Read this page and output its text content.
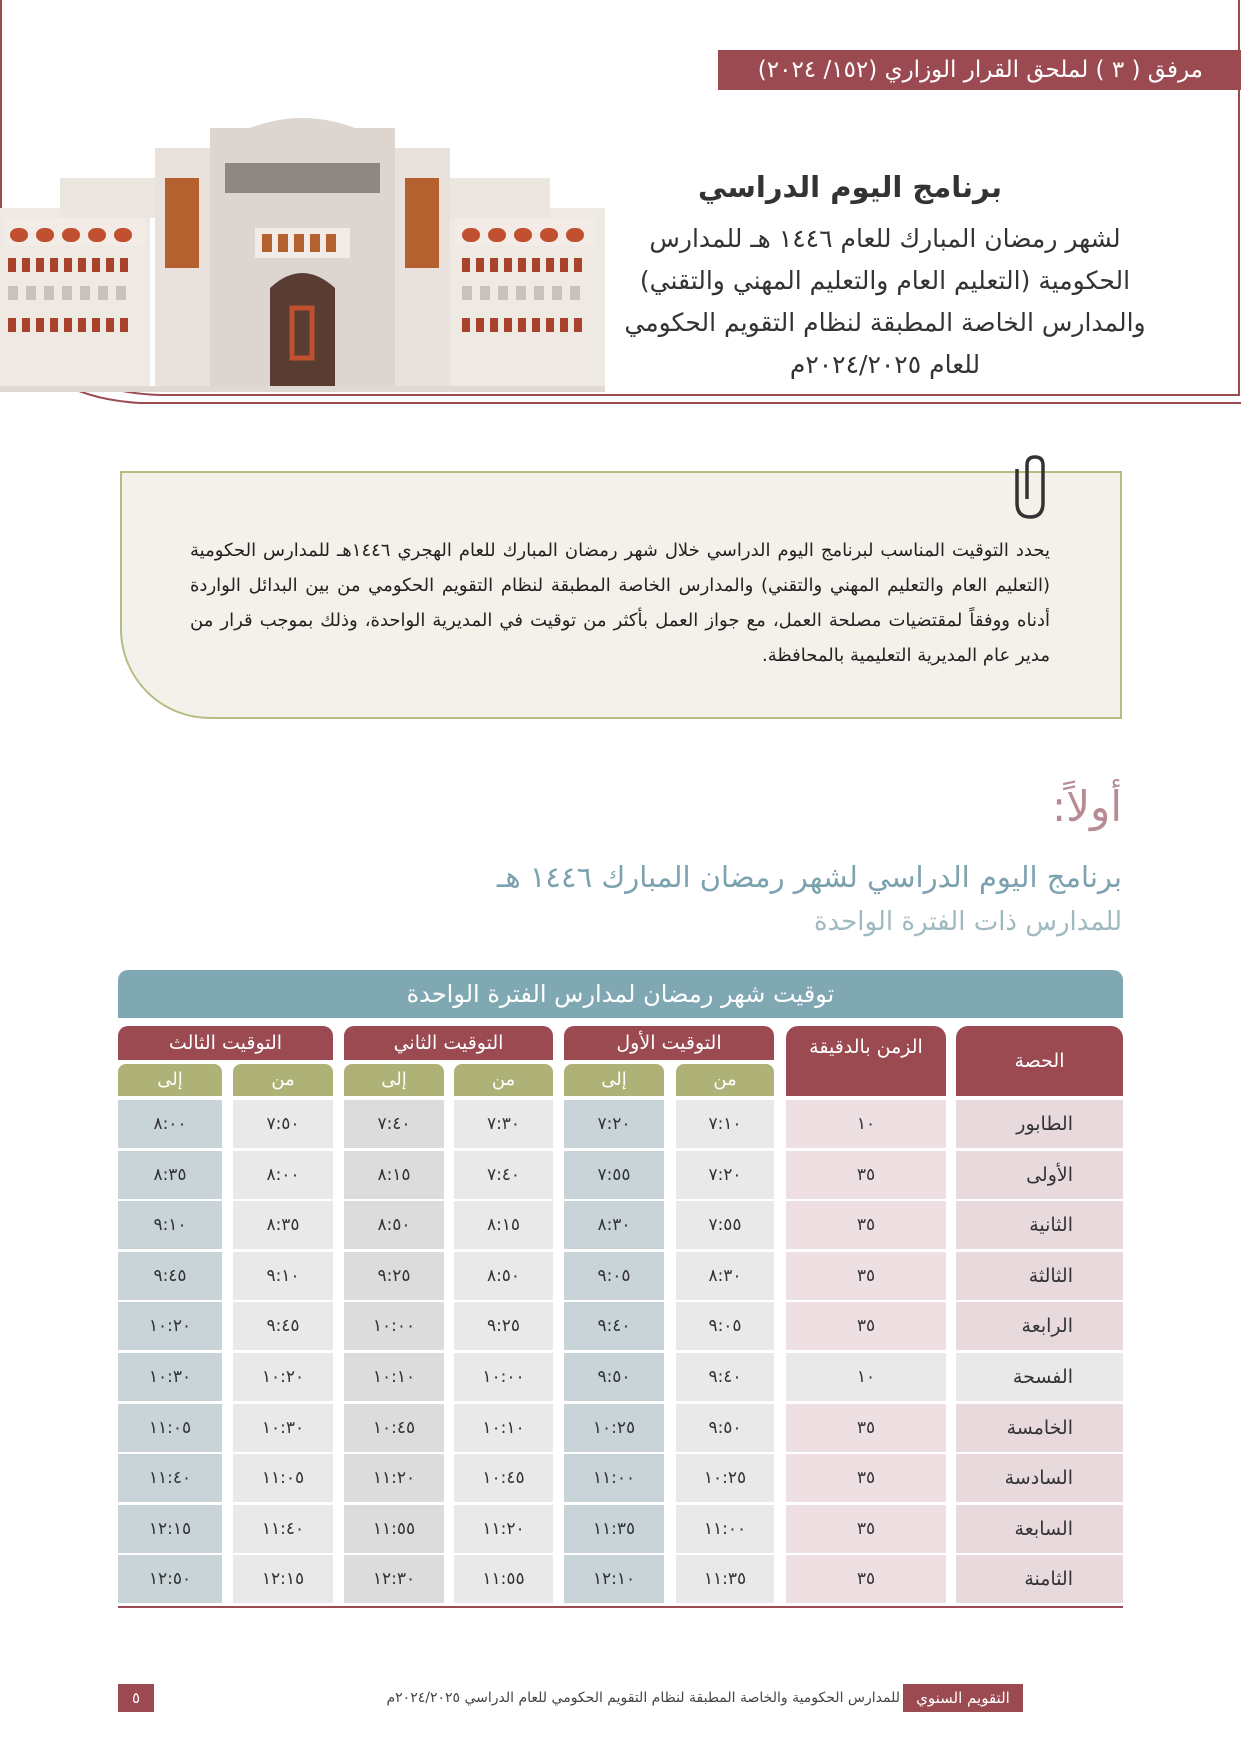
مرفق ( ٣ ) لملحق القرار الوزاري (١٥٢/ ٢٠٢٤)
برنامج اليوم الدراسي
لشهر رمضان المبارك للعام ١٤٤٦ هـ للمدارس الحكومية (التعليم العام والتعليم المهني والتقني) والمدارس الخاصة المطبقة لنظام التقويم الحكومي للعام ٢٠٢٤/٢٠٢٥م
يحدد التوقيت المناسب لبرنامج اليوم الدراسي خلال شهر رمضان المبارك للعام الهجري ١٤٤٦هـ للمدارس الحكومية (التعليم العام والتعليم المهني والتقني) والمدارس الخاصة المطبقة لنظام التقويم الحكومي من بين البدائل الواردة أدناه ووفقاً لمقتضيات مصلحة العمل، مع جواز العمل بأكثر من توقيت في المديرية الواحدة، وذلك بموجب قرار من مدير عام المديرية التعليمية بالمحافظة.
أولاً:
برنامج اليوم الدراسي لشهر رمضان المبارك ١٤٤٦ هـ
للمدارس ذات الفترة الواحدة
توقيت شهر رمضان لمدارس الفترة الواحدة
الحصة
الزمن بالدقيقة
التوقيت الأول
التوقيت الثاني
التوقيت الثالث
من
إلى
من
إلى
من
إلى
الطابور
١٠
٧:١٠
٧:٢٠
٧:٣٠
٧:٤٠
٧:٥٠
٨:٠٠
الأولى
٣٥
٧:٢٠
٧:٥٥
٧:٤٠
٨:١٥
٨:٠٠
٨:٣٥
الثانية
٣٥
٧:٥٥
٨:٣٠
٨:١٥
٨:٥٠
٨:٣٥
٩:١٠
الثالثة
٣٥
٨:٣٠
٩:٠٥
٨:٥٠
٩:٢٥
٩:١٠
٩:٤٥
الرابعة
٣٥
٩:٠٥
٩:٤٠
٩:٢٥
١٠:٠٠
٩:٤٥
١٠:٢٠
الفسحة
١٠
٩:٤٠
٩:٥٠
١٠:٠٠
١٠:١٠
١٠:٢٠
١٠:٣٠
الخامسة
٣٥
٩:٥٠
١٠:٢٥
١٠:١٠
١٠:٤٥
١٠:٣٠
١١:٠٥
السادسة
٣٥
١٠:٢٥
١١:٠٠
١٠:٤٥
١١:٢٠
١١:٠٥
١١:٤٠
السابعة
٣٥
١١:٠٠
١١:٣٥
١١:٢٠
١١:٥٥
١١:٤٠
١٢:١٥
الثامنة
٣٥
١١:٣٥
١٢:١٠
١١:٥٥
١٢:٣٠
١٢:١٥
١٢:٥٠
التقويم السنوي
للمدارس الحكومية والخاصة المطبقة لنظام التقويم الحكومي للعام الدراسي ٢٠٢٤/٢٠٢٥م
٥
